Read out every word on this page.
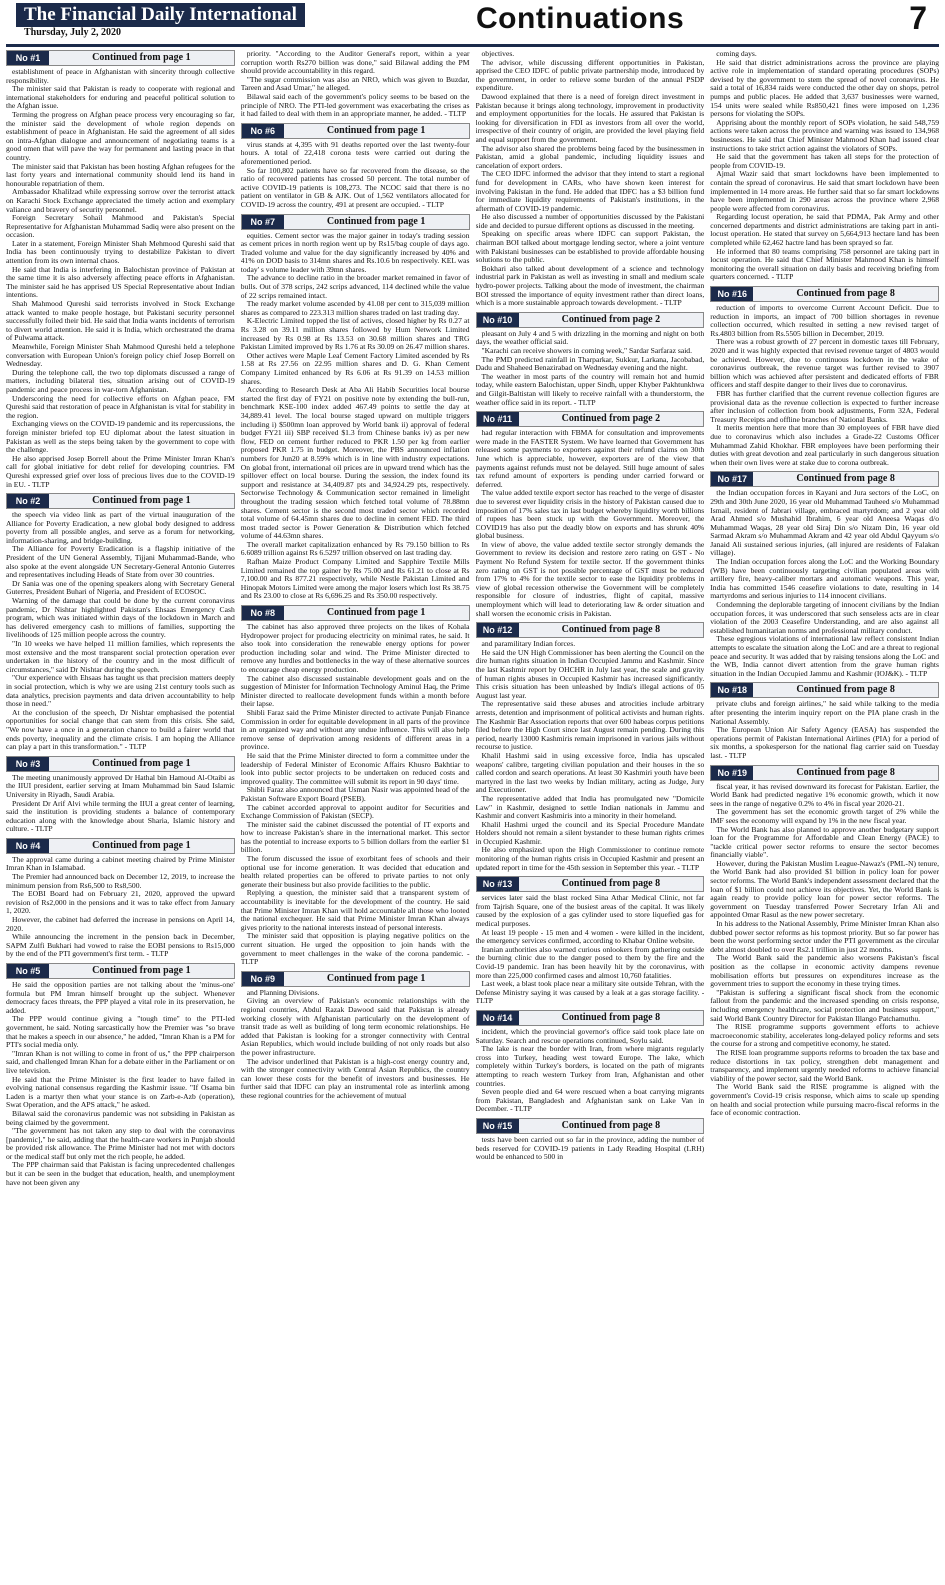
The Financial Daily International
Thursday, July 2, 2020	Continuations	7
No #1	Continued from page 1

establishment of peace in Afghanistan with sincerity through collective responsibility.

The minister said that Pakistan is ready to cooperate with regional and international stakeholders for enduring and peaceful political solution to the Afghan issue.

Terming the progress on Afghan peace process very encouraging so far, the minister said the development of whole region depends on establishment of peace in Afghanistan. He said the agreement of all sides on intra-Afghan dialogue and announcement of negotiating teams is a good omen that will pave the way for permanent and lasting peace in that country.

The minister said that Pakistan has been hosting Afghan refugees for the last forty years and international community should lend its hand in honourable repatriation of them.

Ambassador Khalilzad while expressing sorrow over the terrorist attack on Karachi Stock Exchange appreciated the timely action and exemplary valiance and bravery of security personnel.

Foreign Secretary Sohail Mahmood and Pakistan's Special Representative for Afghanistan Muhammad Sadiq were also present on the occasion.

Later in a statement, Foreign Minister Shah Mehmood Qureshi said that India has been continuously trying to destabilize Pakistan to divert attention from its own internal chaos.

He said that India is interfering in Balochistan province of Pakistan at the same time it is also adversely affecting peace efforts in Afghanistan. The minister said he has apprised US Special Representative about Indian intentions.

Shah Mahmood Qureshi said terrorists involved in Stock Exchange attack wanted to make people hostage, but Pakistani security personnel successfully foiled their bid. He said that India wants incidents of terrorism to divert world attention. He said it is India, which orchestrated the drama of Pulwama attack.

Meanwhile, Foreign Minister Shah Mahmood Qureshi held a telephone conversation with European Union's foreign policy chief Josep Borrell on Wednesday.

During the telephone call, the two top diplomats discussed a range of matters, including bilateral ties, situation arising out of COVID-19 pandemic and peace process in war-torn Afghanistan.

Underscoring the need for collective efforts on Afghan peace, FM Qureshi said that restoration of peace in Afghanistan is vital for stability in the region.

Exchanging views on the COVID-19 pandemic and its repercussions, the foreign minister briefed top EU diplomat about the latest situation in Pakistan as well as the steps being taken by the government to cope with the challenge.

He also apprised Josep Borrell about the Prime Minister Imran Khan's call for global initiative for debt relief for developing countries. FM Qureshi expressed grief over loss of precious lives due to the COVID-19 in EU. - TLTP

No #2	Continued from page 1

the speech via video link as part of the virtual inauguration of the Alliance for Poverty Eradication, a new global body designed to address poverty from all possible angles, and serve as a forum for networking, information-sharing, and bridge-building.

The Alliance for Poverty Eradication is a flagship initiative of the President of the UN General Assembly, Tijjani Muhammad-Bande, who also spoke at the event alongside UN Secretary-General Antonio Guterres and representatives including Heads of State from over 30 countries.

Dr Sania was one of the opening speakers along with Secretary General Guterres, President Buhari of Nigeria, and President of ECOSOC.

Warning of the damage that could be done by the current coronavirus pandemic, Dr Nishtar highlighted Pakistan's Ehsaas Emergency Cash program, which was initiated within days of the lockdown in March and has delivered emergency cash to millions of families, supporting the livelihoods of 125 million people across the country.

"In 10 weeks we have helped 11 million families, which represents the most extensive and the most transparent social protection operation ever undertaken in the history of the country and in the most difficult of circumstances," said Dr Nishtar during the speech.

"Our experience with Ehsaas has taught us that precision matters deeply in social protection, which is why we are using 21st century tools such as data analytics, precision payments and data driven accountability to help those in need."

At the conclusion of the speech, Dr Nishtar emphasised the potential opportunities for social change that can stem from this crisis. She said, "We now have a once in a generation chance to build a fairer world that ends poverty, inequality and the climate crisis. I am hoping the Alliance can play a part in this transformation." - TLTP

No #3	Continued from page 1

The meeting unanimously approved Dr Hathal bin Hamoud Al-Otaibi as the IIUI president, earlier serving at Imam Muhammad bin Saud Islamic University in Riyadh, Saudi Arabia.

President Dr Arif Alvi while terming the IIUI a great center of learning, said the institution is providing students a balance of contemporary education along with the knowledge about Sharia, Islamic history and culture. - TLTP

No #4	Continued from page 1

The approval came during a cabinet meeting chaired by Prime Minister Imran Khan in Islamabad.

The Premier had announced back on December 12, 2019, to increase the minimum pension from Rs6,500 to Rs8,500.

The EOBI Board had on February 21, 2020, approved the upward revision of Rs2,000 in the pensions and it was to take effect from January 1, 2020.

However, the cabinet had deferred the increase in pensions on April 14, 2020.

While announcing the increment in the pension back in December, SAPM Zulfi Bukhari had vowed to raise the EOBI pensions to Rs15,000 by the end of the PTI government's first term. - TLTP

No #5	Continued from page 1

He said the opposition parties are not talking about the 'minus-one' formula but PM Imran himself brought up the subject. Whenever democracy faces threats, the PPP played a vital role in its preservation, he added.

The PPP would continue giving a "tough time" to the PTI-led government, he said. Noting sarcastically how the Premier was "so brave that he makes a speech in our absence," he added, "Imran Khan is a PM for PTI's social media only.

"Imran Khan is not willing to come in front of us," the PPP chairperson said, and challenged Imran Khan for a debate either in the Parliament or on live television.

He said that the Prime Minister is the first leader to have failed in evolving national consensus regarding the Kashmir issue. "If Osama bin Laden is a martyr then what your stance is on Zarb-e-Azb (operation), Swat Operation, and the APS attack," he asked.

Bilawal said the coronavirus pandemic was not subsiding in Pakistan as being claimed by the government.

"The government has not taken any step to deal with the coronavirus [pandemic]," he said, adding that the health-care workers in Punjab should be provided risk allowance. The Prime Minister had not met with doctors or the medical staff but only met the rich people, he added.

The PPP chairman said that Pakistan is facing unprecedented challenges but it can be seen in the budget that education, health, and unemployment have not been given any

priority. "According to the Auditor General's report, within a year corruption worth Rs270 billion was done," said Bilawal adding the PM should provide accountability in this regard.

"The sugar commission was also an NRO, which was given to Buzdar, Tareen and Asad Umar," he alleged.

Bilawal said each of the government's policy seems to be based on the principle of NRO. The PTI-led government was exacerbating the crises as it had failed to deal with them in an appropriate manner, he added. - TLTP

No #6	Continued from page 1

virus stands at 4,395 with 91 deaths reported over the last twenty-four hours. A total of 22,418 corona tests were carried out during the aforementioned period.

So far 100,802 patients have so far recovered from the disease, so the ratio of recovered patients has crossed 50 percent. The total number of active COVID-19 patients is 108,273. The NCOC said that there is no patient on ventilator in GB & AJK. Out of 1,562 ventilators allocated for COVID-19 across the country, 491 at present are occupied. - TLTP

No #7	Continued from page 1

equities. Cement sector was the major gainer in today's trading session as cement prices in north region went up by Rs15/bag couple of days ago. Traded volume and value for the day significantly increased by 40% and 41% on DOD basis to 314mn shares and Rs.10.6 bn respectively. KEL was today' s volume leader with 39mn shares.

The advance to decline ratio in the broader market remained in favor of bulls. Out of 378 scrips, 242 scrips advanced, 114 declined while the value of 22 scrips remained intact.

The ready market volume ascended by 41.08 per cent to 315,039 million shares as compared to 223.313 million shares traded on last trading day.

K-Electric Limited topped the list of actives, closed higher by Rs 0.27 at Rs 3.28 on 39.11 million shares followed by Hum Network Limited increased by Rs 0.98 at Rs 13.53 on 30.68 million shares and TRG Pakistan Limited improved by Rs 1.76 at Rs 30.09 on 26.47 million shares.

Other actives were Maple Leaf Cement Factory Limited ascended by Rs 1.58 at Rs 27.56 on 22.95 million shares and D. G. Khan Cement Company Limited enhanced by Rs 6.06 at Rs 91.39 on 14.53 million shares.

According to Research Desk at Aba Ali Habib Securities local bourse started the first day of FY21 on positive note by extending the bull-run, benchmark KSE-100 index added 467.49 points to settle the day at 34,889.41 level. The local bourse staged upward on multiple triggers including i) $500mn loan approved by World bank ii) approval of federal budget FY21 iii) SBP received $1.3 from Chinese banks iv) as per new flow, FED on cement further reduced to PKR 1.50 per kg from earlier proposed PKR 1.75 in budget. Moreover, the PBS announced inflation numbers for Jun20 at 8.59% which is in line with industry expectations. On global front, international oil prices are in upward trend which has the spillover effect on local bourse. During the session, the index found its support and resistance at 34,409.87 pts and 34,924.29 pts, respectively. Sectorwise Technology & Communication sector remained in limelight throughout the trading session which fetched total volume of 78.88mn shares. Cement sector is the second most traded sector which recorded total volume of 64.45mn shares due to decline in cement FED. The third most traded sector is Power Generation & Distribution which fetched volume of 44.63mn shares.

The overall market capitalization enhanced by Rs 79.150 billion to Rs 6.6089 trillion against Rs 6.5297 trillion observed on last trading day.

Rafhan Maize Product Company Limited and Sapphire Textile Mills Limited remained the top gainer by Rs 75.00 and Rs 61.21 to close at Rs 7,100.00 and Rs 877.21 respectively, while Nestle Pakistan Limited and Hinopak Motors Limited were among the major losers which lost Rs 38.75 and Rs 23.00 to close at Rs 6,696.25 and Rs 350.00 respectively.

No #8	Continued from page 1

The cabinet has also approved three projects on the likes of Kohala Hydropower project for producing electricity on minimal rates, he said. It also took into consideration the renewable energy options for power production including solar and wind. The Prime Minister directed to remove any hurdles and bottlenecks in the way of these alternative sources to encourage cheap energy production.

The cabinet also discussed sustainable development goals and on the suggestion of Minister for Information Technology Aminul Haq, the Prime Minister directed to reallocate development funds within a month before their lapse.

Shibli Faraz said the Prime Minister directed to activate Punjab Finance Commission in order for equitable development in all parts of the province in an organized way and without any undue influence. This will also help remove sense of deprivation among residents of different areas in a province.

He said that the Prime Minister directed to form a committee under the leadership of Federal Minister of Economic Affairs Khusro Bakhtiar to look into public sector projects to be undertaken on reduced costs and improved quality. The committee will submit its report in 90 days' time.

Shibli Faraz also announced that Usman Nasir was appointed head of the Pakistan Software Export Board (PSEB).

The cabinet accorded approval to appoint auditor for Securities and Exchange Commission of Pakistan (SECP).

The minister said the cabinet discussed the potential of IT exports and how to increase Pakistan's share in the international market. This sector has the potential to increase exports to 5 billion dollars from the earlier $1 billion.

The forum discussed the issue of exorbitant fees of schools and their optional use for income generation. It was decided that education and health related properties can be offered to private parties to not only generate their business but also provide facilities to the public.

Replying a question, the minister said that a transparent system of accountability is inevitable for the development of the country. He said that Prime Minister Imran Khan will hold accountable all those who looted the national exchequer. He said that Prime Minister Imran Khan always gives priority to the national interests instead of personal interests.

The minister said that opposition is playing negative politics on the current situation. He urged the opposition to join hands with the government to meet challenges in the wake of the corona pandemic. - TLTP

No #9	Continued from page 1

and Planning Divisions.

Giving an overview of Pakistan's economic relationships with the regional countries, Abdul Razak Dawood said that Pakistan is already working closely with Afghanistan particularly on the development of transit trade as well as building of long term economic relationships. He added that Pakistan is looking for a stronger connectivity with Central Asian Republics, which would include building of not only roads but also the power infrastructure.

The advisor underlined that Pakistan is a high-cost energy country and, with the stronger connectivity with Central Asian Republics, the country can lower these costs for the benefit of investors and businesses. He further said that IDFC can play an instrumental role as interlink among these regional countries for the achievement of mutual

objectives.

The advisor, while discussing different opportunities in Pakistan, apprised the CEO IDFC of public private partnership mode, introduced by the government, in order to relieve some burden of the annual PSDP expenditure.

Dawood explained that there is a need of foreign direct investment in Pakistan because it brings along technology, improvement in productivity and employment opportunities for the locals. He assured that Pakistan is looking for diversification in FDI as investors from all over the world, irrespective of their country of origin, are provided the level playing field and equal support from the government.

The advisor also shared the problems being faced by the businessmen in Pakistan, amid a global pandemic, including liquidity issues and cancelation of export orders.

The CEO IDFC informed the advisor that they intend to start a regional fund for development in CARs, who have shown keen interest for involving Pakistan in the fund. He added that IDFC has a $3 billion fund for immediate liquidity requirements of Pakistan's institutions, in the aftermath of COVID-19 pandemic.

He also discussed a number of opportunities discussed by the Pakistani side and decided to pursue different options as discussed in the meeting.

Speaking on specific areas where IDFC can support Pakistan, the chairman BOI talked about mortgage lending sector, where a joint venture with Pakistani businesses can be established to provide affordable housing solutions to the public.

Bokhari also talked about development of a science and technology industrial park in Pakistan as well as investing in small and medium scale hydro-power projects. Talking about the mode of investment, the chairman BOI stressed the importance of equity investment rather than direct loans, which is a more sustainable approach towards development. - TLTP

No #10	Continued from page 2

pleasant on July 4 and 5 with drizzling in the morning and night on both days, the weather official said.

"Karachi can receive showers in coming week," Sardar Sarfaraz said.

The PMD predicted rainfall in Tharparkar, Sukkur, Larkana, Jacobabad, Dadu and Shaheed Benazirabad on Wednesday evening and the night.

The weather in most parts of the country will remain hot and humid today, while eastern Balochistan, upper Sindh, upper Khyber Pakhtunkhwa and Gilgit-Baltistan will likely to receive rainfall with a thunderstorm, the weather office said in its report. - TLTP

No #11	Continued from page 2

had regular interaction with FBMA for consultation and improvements were made in the FASTER System. We have learned that Government has released some payments to exporters against their refund claims on 30th June which is appreciable, however, exporters are of the view that payments against refunds must not be delayed. Still huge amount of sales tax refund amount of exporters is pending under carried forward or deferred.

The value added textile export sector has reached to the verge of disaster due to severest ever liquidity crisis in the history of Pakistan caused due to imposition of 17% sales tax in last budget whereby liquidity worth billions of rupees has been stuck up with the Government. Moreover, the COVID19 has also put the deadly blow on exports and has shrunk 40% global business.

In view of above, the value added textile sector strongly demands the Government to review its decision and restore zero rating on GST - No Payment No Refund System for textile sector. If the government thinks zero rating on GST is not possible percentage of GST must be reduced from 17% to 4% for the textile sector to ease the liquidity problems in view of global recession otherwise the Government will be completely responsible for closure of industries, flight of capital, massive unemployment which will lead to deteriorating law & order situation and shall worsen the economic crisis in Pakistan.

No #12	Continued from page 8

and paramilitary Indian forces.

He said the UN High Commissioner has been alerting the Council on the dire human rights situation in Indian Occupied Jammu and Kashmir. Since the last Kashmir report by OHCHR in July last year, the scale and gravity of human rights abuses in Occupied Kashmir has increased significantly. This crisis situation has been unleashed by India's illegal actions of 05 August last year.

The representative said these abuses and atrocities include arbitrary arrests, detention and imprisonment of political activists and human rights. The Kashmir Bar Association reports that over 600 habeas corpus petitions filed before the High Court since last August remain pending. During this period, nearly 13000 Kashmiris remain imprisoned in various jails without recourse to justice.

Khalil Hashmi said in using excessive force, India has upscaled weapons' calibre, targeting civilian population and their houses in the so called cordon and search operations. At least 30 Kashmiri youth have been martyred in the last two weeks by Indian military, acting as Judge, Jury and Executioner.

The representative added that India has promulgated new "Domicile Law" in Kashmir, designed to settle Indian nationals in Jammu and Kashmir and convert Kashmiris into a minority in their homeland.

Khalil Hashmi urged the council and its Special Procedure Mandate Holders should not remain a silent bystander to these human rights crimes in Occupied Kashmir.

He also emphasized upon the High Commissioner to continue remote monitoring of the human rights crisis in Occupied Kashmir and present an updated report in time for the 45th session in September this year. - TLTP

No #13	Continued from page 8

services later said the blast rocked Sina Athar Medical Clinic, not far from Tajrish Square, one of the busiest areas of the capital. It was likely caused by the explosion of a gas cylinder used to store liquefied gas for medical purposes.

At least 19 people - 15 men and 4 women - were killed in the incident, the emergency services confirmed, according to Khabar Online website.

Iranian authorities also warned curious onlookers from gathering outside the burning clinic due to the danger posed to them by the fire and the Covid-19 pandemic. Iran has been heavily hit by the coronavirus, with more than 225,000 confirmed cases and almost 10,760 fatalities.

Last week, a blast took place near a military site outside Tehran, with the Defense Ministry saying it was caused by a leak at a gas storage facility. - TLTP

No #14	Continued from page 8

incident, which the provincial governor's office said took place late on Saturday. Search and rescue operations continued, Soylu said.

The lake is near the border with Iran, from where migrants regularly cross into Turkey, heading west toward Europe. The lake, which completely within Turkey's borders, is located on the path of migrants attempting to reach western Turkey from Iran, Afghanistan and other countries.

Seven people died and 64 were rescued when a boat carrying migrants from Pakistan, Bangladesh and Afghanistan sank on Lake Van in December. - TLTP

No #15	Continued from page 8

tests have been carried out so far in the province, adding the number of beds reserved for COVID-19 patients in Lady Reading Hospital (LRH) would be enhanced to 500 in

coming days.

He said that district administrations across the province are playing active role in implementation of standard operating procedures (SOPs) devised by the government to stem the spread of novel coronavirus. He said a total of 16,834 raids were conducted the other day on shops, petrol pumps and public places. He added that 3,637 businesses were warned, 154 units were sealed while Rs850,421 fines were imposed on 1,236 persons for violating the SOPs.

Apprising about the monthly report of SOPs violation, he said 548,759 actions were taken across the province and warning was issued to 134,968 businesses. He said that Chief Minister Mahmood Khan had issued clear instructions to take strict action against the violators of SOPs.

He said that the government has taken all steps for the protection of people from COVID-19.

Ajmal Wazir said that smart lockdowns have been implemented to contain the spread of coronavirus. He said that smart lockdown have been implemented in 14 more areas. He further said that so far smart lockdowns have been implemented in 290 areas across the province where 2,968 people were affected from coronavirus.

Regarding locust operation, he said that PDMA, Pak Army and other concerned departments and district administrations are taking part in anti-locust operation. He stated that survey on 5,664,913 hectare land has been completed while 62,462 hactre land has been sprayed so far.

He informed that 80 teams comprising 758 personnel are taking part in locust operation. He said that Chief Minister Mahmood Khan is himself monitoring the overall situation on daily basis and receiving briefing from quarters concerned. - TLTP

No #16	Continued from page 8

reduction of imports to overcome Current Account Deficit. Due to reduction in imports, an impact of 700 billion shortages in revenue collection occurred, which resulted in setting a new revised target of Rs.4803 billion from Rs.5505 billion in December, 2019.

There was a robust growth of 27 percent in domestic taxes till February, 2020 and it was highly expected that revised revenue target of 4803 would be achieved. However, due to continuous lockdown in the wake of coronavirus outbreak, the revenue target was further revised to 3907 billion which was achieved after persistent and dedicated efforts of FBR officers and staff despite danger to their lives due to coronavirus.

FBR has further clarified that the current revenue collection figures are provisional data as the revenue collection is expected to further increase after inclusion of collection from book adjustments, Form 32A, Federal Treasury Receipts and offline branches of National Banks.

It merits mention here that more than 30 employees of FBR have died due to coronavirus which also includes a Grade-22 Customs Officer Muhammad Zahid Khokhar. FBR employees have been performing their duties with great devotion and zeal particularly in such dangerous situation when their own lives were at stake due to corona outbreak.

No #17	Continued from page 8

the Indian occupation forces in Kayani and Jura sectors of the LoC, on 29th and 30th June 2020, 16 year old Muhammad Tauheed s/o Muhammad Ismail, resident of Jabrari village, embraced martyrdom; and 2 year old Arad Ahmed s/o Mushahid Ibrahim, 6 year old Aneesa Waqas d/o Muhammad Waqas, 28 year old Siraj Din s/o Nizam Din, 16 year old Sarmad Akram s/o Muhammad Akram and 42 year old Abdul Qayyum s/o Janaid Ali sustained serious injuries, (all injured are residents of Falakan village).

The Indian occupation forces along the LoC and the Working Boundary (WB) have been continuously targeting civilian populated areas with artillery fire, heavy-caliber mortars and automatic weapons. This year, India has committed 1546 ceasefire violations to date, resulting in 14 martyrdoms and serious injuries to 114 innocent civilians.

Condemning the deplorable targeting of innocent civilians by the Indian occupation forces, it was underscored that such senseless acts are in clear violation of the 2003 Ceasefire Understanding, and are also against all established humanitarian norms and professional military conduct.

These egregious violations of international law reflect consistent Indian attempts to escalate the situation along the LoC and are a threat to regional peace and security. It was added that by raising tensions along the LoC and the WB, India cannot divert attention from the grave human rights situation in the Indian Occupied Jammu and Kashmir (IOJ&K). - TLTP

No #18	Continued from page 8

private clubs and foreign airlines," he said while talking to the media after presenting the interim inquiry report on the PIA plane crash in the National Assembly.

The European Union Air Safety Agency (EASA) has suspended the operations permit of Pakistan International Airlines (PIA) for a period of six months, a spokesperson for the national flag carrier said on Tuesday last. - TLTP

No #19	Continued from page 8

fiscal year, it has revised downward its forecast for Pakistan. Earlier, the World Bank had predicted negative 1% economic growth, which it now sees in the range of negative 0.2% to 4% in fiscal year 2020-21.

The government has set the economic growth target of 2% while the IMF sees the economy will expand by 1% in the new fiscal year.

The World Bank has also planned to approve another budgetary support loan for the Programme for Affordable and Clean Energy (PACE) to "tackle critical power sector reforms to ensure the sector becomes financially viable".

However, during the Pakistan Muslim League-Nawaz's (PML-N) tenure, the World Bank had also provided $1 billion in policy loan for power sector reforms. The World Bank's independent assessment declared that the loan of $1 billion could not achieve its objectives. Yet, the World Bank is again ready to provide policy loan for power sector reforms. The government on Tuesday transferred Power Secretary Irfan Ali and appointed Omar Rasul as the new power secretary.

In his address to the National Assembly, Prime Minister Imran Khan also dubbed power sector reforms as his topmost priority. But so far power has been the worst performing sector under the PTI government as the circular debt almost doubled to over Rs2.1 trillion in just 22 months.

The World Bank said the pandemic also worsens Pakistan's fiscal position as the collapse in economic activity dampens revenue mobilisation efforts but pressures on expenditures increase as the government tries to support the economy in these trying times.

"Pakistan is suffering a significant fiscal shock from the economic fallout from the pandemic and the increased spending on crisis response, including emergency healthcare, social protection and business support," said World Bank Country Director for Pakistan Illango Patchamuthu.

The RISE programme supports government efforts to achieve macroeconomic stability, accelerates long-delayed policy reforms and sets the course for a strong and competitive economy, he stated.

The RISE loan programme supports reforms to broaden the tax base and reduce distortions in tax policy, strengthen debt management and transparency, and implement urgently needed reforms to achieve financial viability of the power sector, said the World Bank.

The World Bank said the RISE programme is aligned with the government's Covid-19 crisis response, which aims to scale up spending on health and social protection while pursuing macro-fiscal reforms in the face of economic contraction.
